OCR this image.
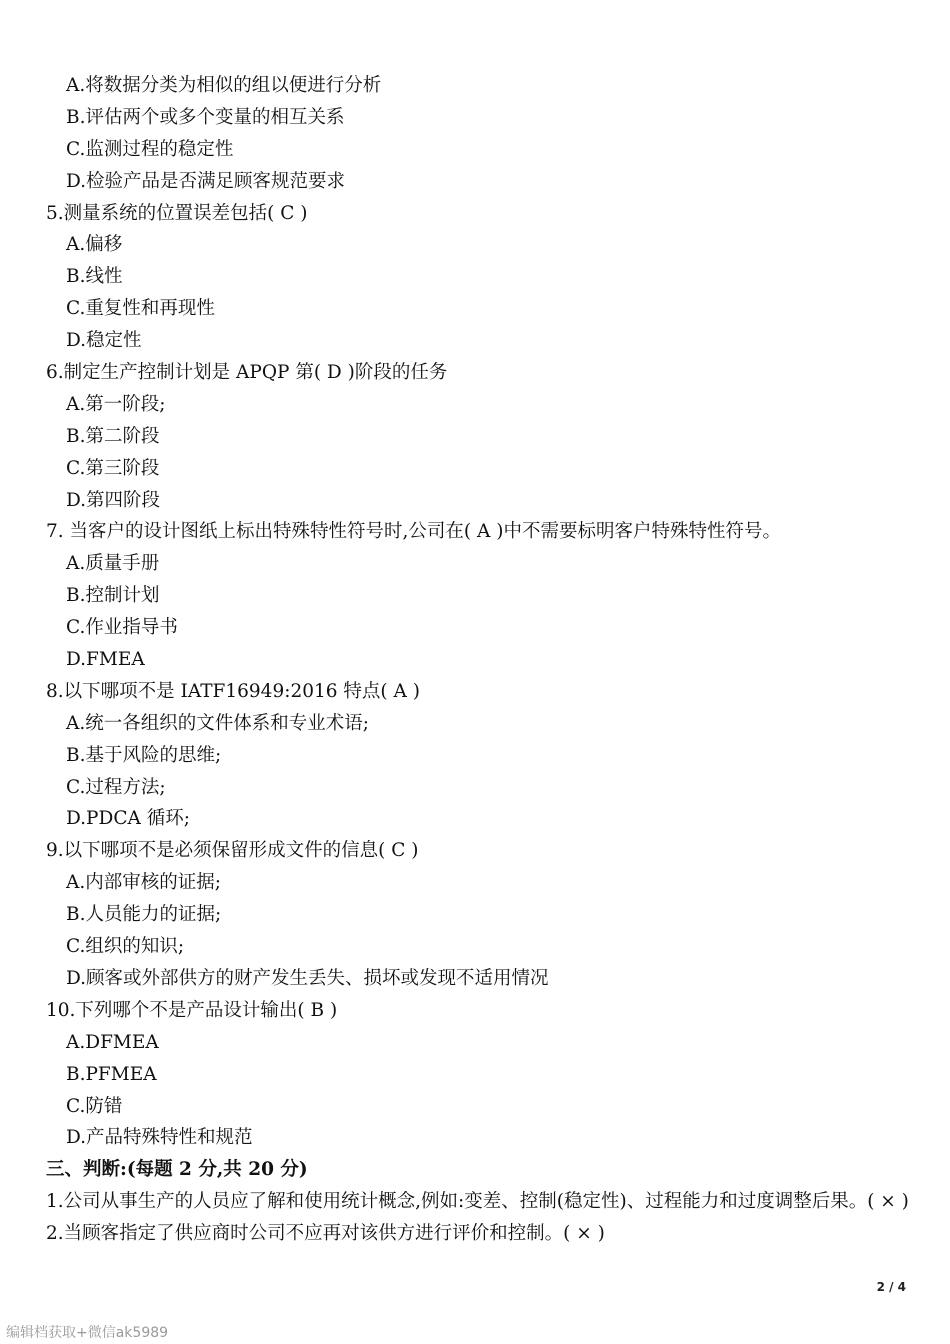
A.将数据分类为相似的组以便进行分析
B.评估两个或多个变量的相互关系
C.监测过程的稳定性
D.检验产品是否满足顾客规范要求
5.测量系统的位置误差包括( C )
A.偏移
B.线性
C.重复性和再现性
D.稳定性
6.制定生产控制计划是 APQP 第( D )阶段的任务
A.第一阶段;
B.第二阶段
C.第三阶段
D.第四阶段
7. 当客户的设计图纸上标出特殊特性符号时,公司在( A )中不需要标明客户特殊特性符号。
A.质量手册
B.控制计划
C.作业指导书
D.FMEA
8.以下哪项不是 IATF16949:2016 特点( A )
A.统一各组织的文件体系和专业术语;
B.基于风险的思维;
C.过程方法;
D.PDCA 循环;
9.以下哪项不是必须保留形成文件的信息( C )
A.内部审核的证据;
B.人员能力的证据;
C.组织的知识;
D.顾客或外部供方的财产发生丢失、损坏或发现不适用情况
10.下列哪个不是产品设计输出( B )
A.DFMEA
B.PFMEA
C.防错
D.产品特殊特性和规范
三、判断:(每题 2 分,共 20 分)
1.公司从事生产的人员应了解和使用统计概念,例如:变差、控制(稳定性)、过程能力和过度调整后果。( × )
2.当顾客指定了供应商时公司不应再对该供方进行评价和控制。( × )
2 / 4
编辑档获取+微信ak5989
